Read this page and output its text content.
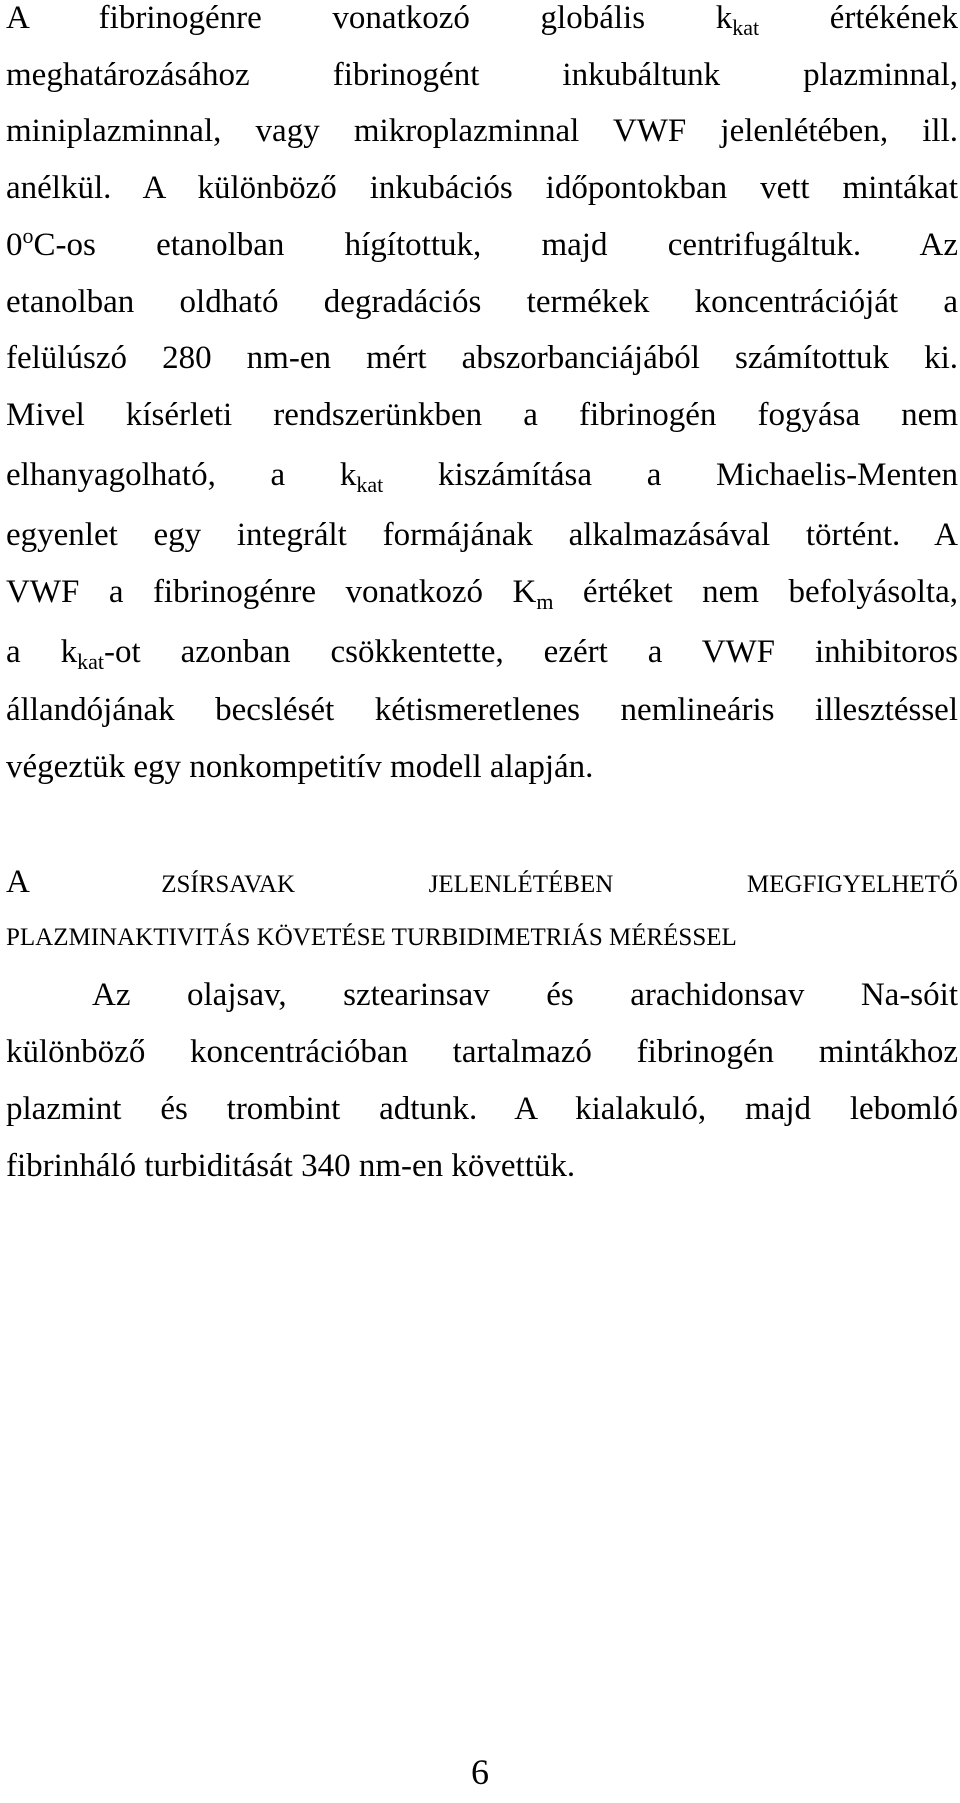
A fibrinogénre vonatkozó globális $k_{kat}$ értékének
meghatározásához fibrinogént inkubáltunk plazminnal,
miniplazminnal, vagy mikroplazminnal VWF jelenlétében, ill.
anélkül. A különböző inkubációs időpontokban vett mintákat
0$^o$C-os etanolban hígítottuk, majd centrifugáltuk. Az
etanolban oldható degradációs termékek koncentrációját a
felülúszó 280 nm-en mért abszorbanciájából számítottuk ki.
Mivel kísérleti rendszerünkben a fibrinogén fogyása nem
elhanyagolható, a $k_{kat}$ kiszámítása a Michaelis-Menten
egyenlet egy integrált formájának alkalmazásával történt. A
VWF a fibrinogénre vonatkozó $K_m$ értéket nem befolyásolta,
a $k_{kat}-ot$ azonban csökkentette, ezért a VWF inhibitoros
állandójának becslését kétismeretlenes nemlineáris illesztéssel
végeztük egy nonkompetitív modell alapján.
A	ZSÍRSAVAK JELENLÉTÉBEN MEGFIGYELHETŐ
PLAZMINAKTIVITÁS KÖVETÉSE TURBIDIMETRIÁS MÉRÉSSEL
Az olajsav, sztearinsav és arachidonsav Na-sóit
különböző koncentrációban tartalmazó fibrinogén mintákhoz
plazmint és trombint adtunk. A kialakuló, majd lebomló
fibrinháló turbiditását 340 nm-en követtük.
6
